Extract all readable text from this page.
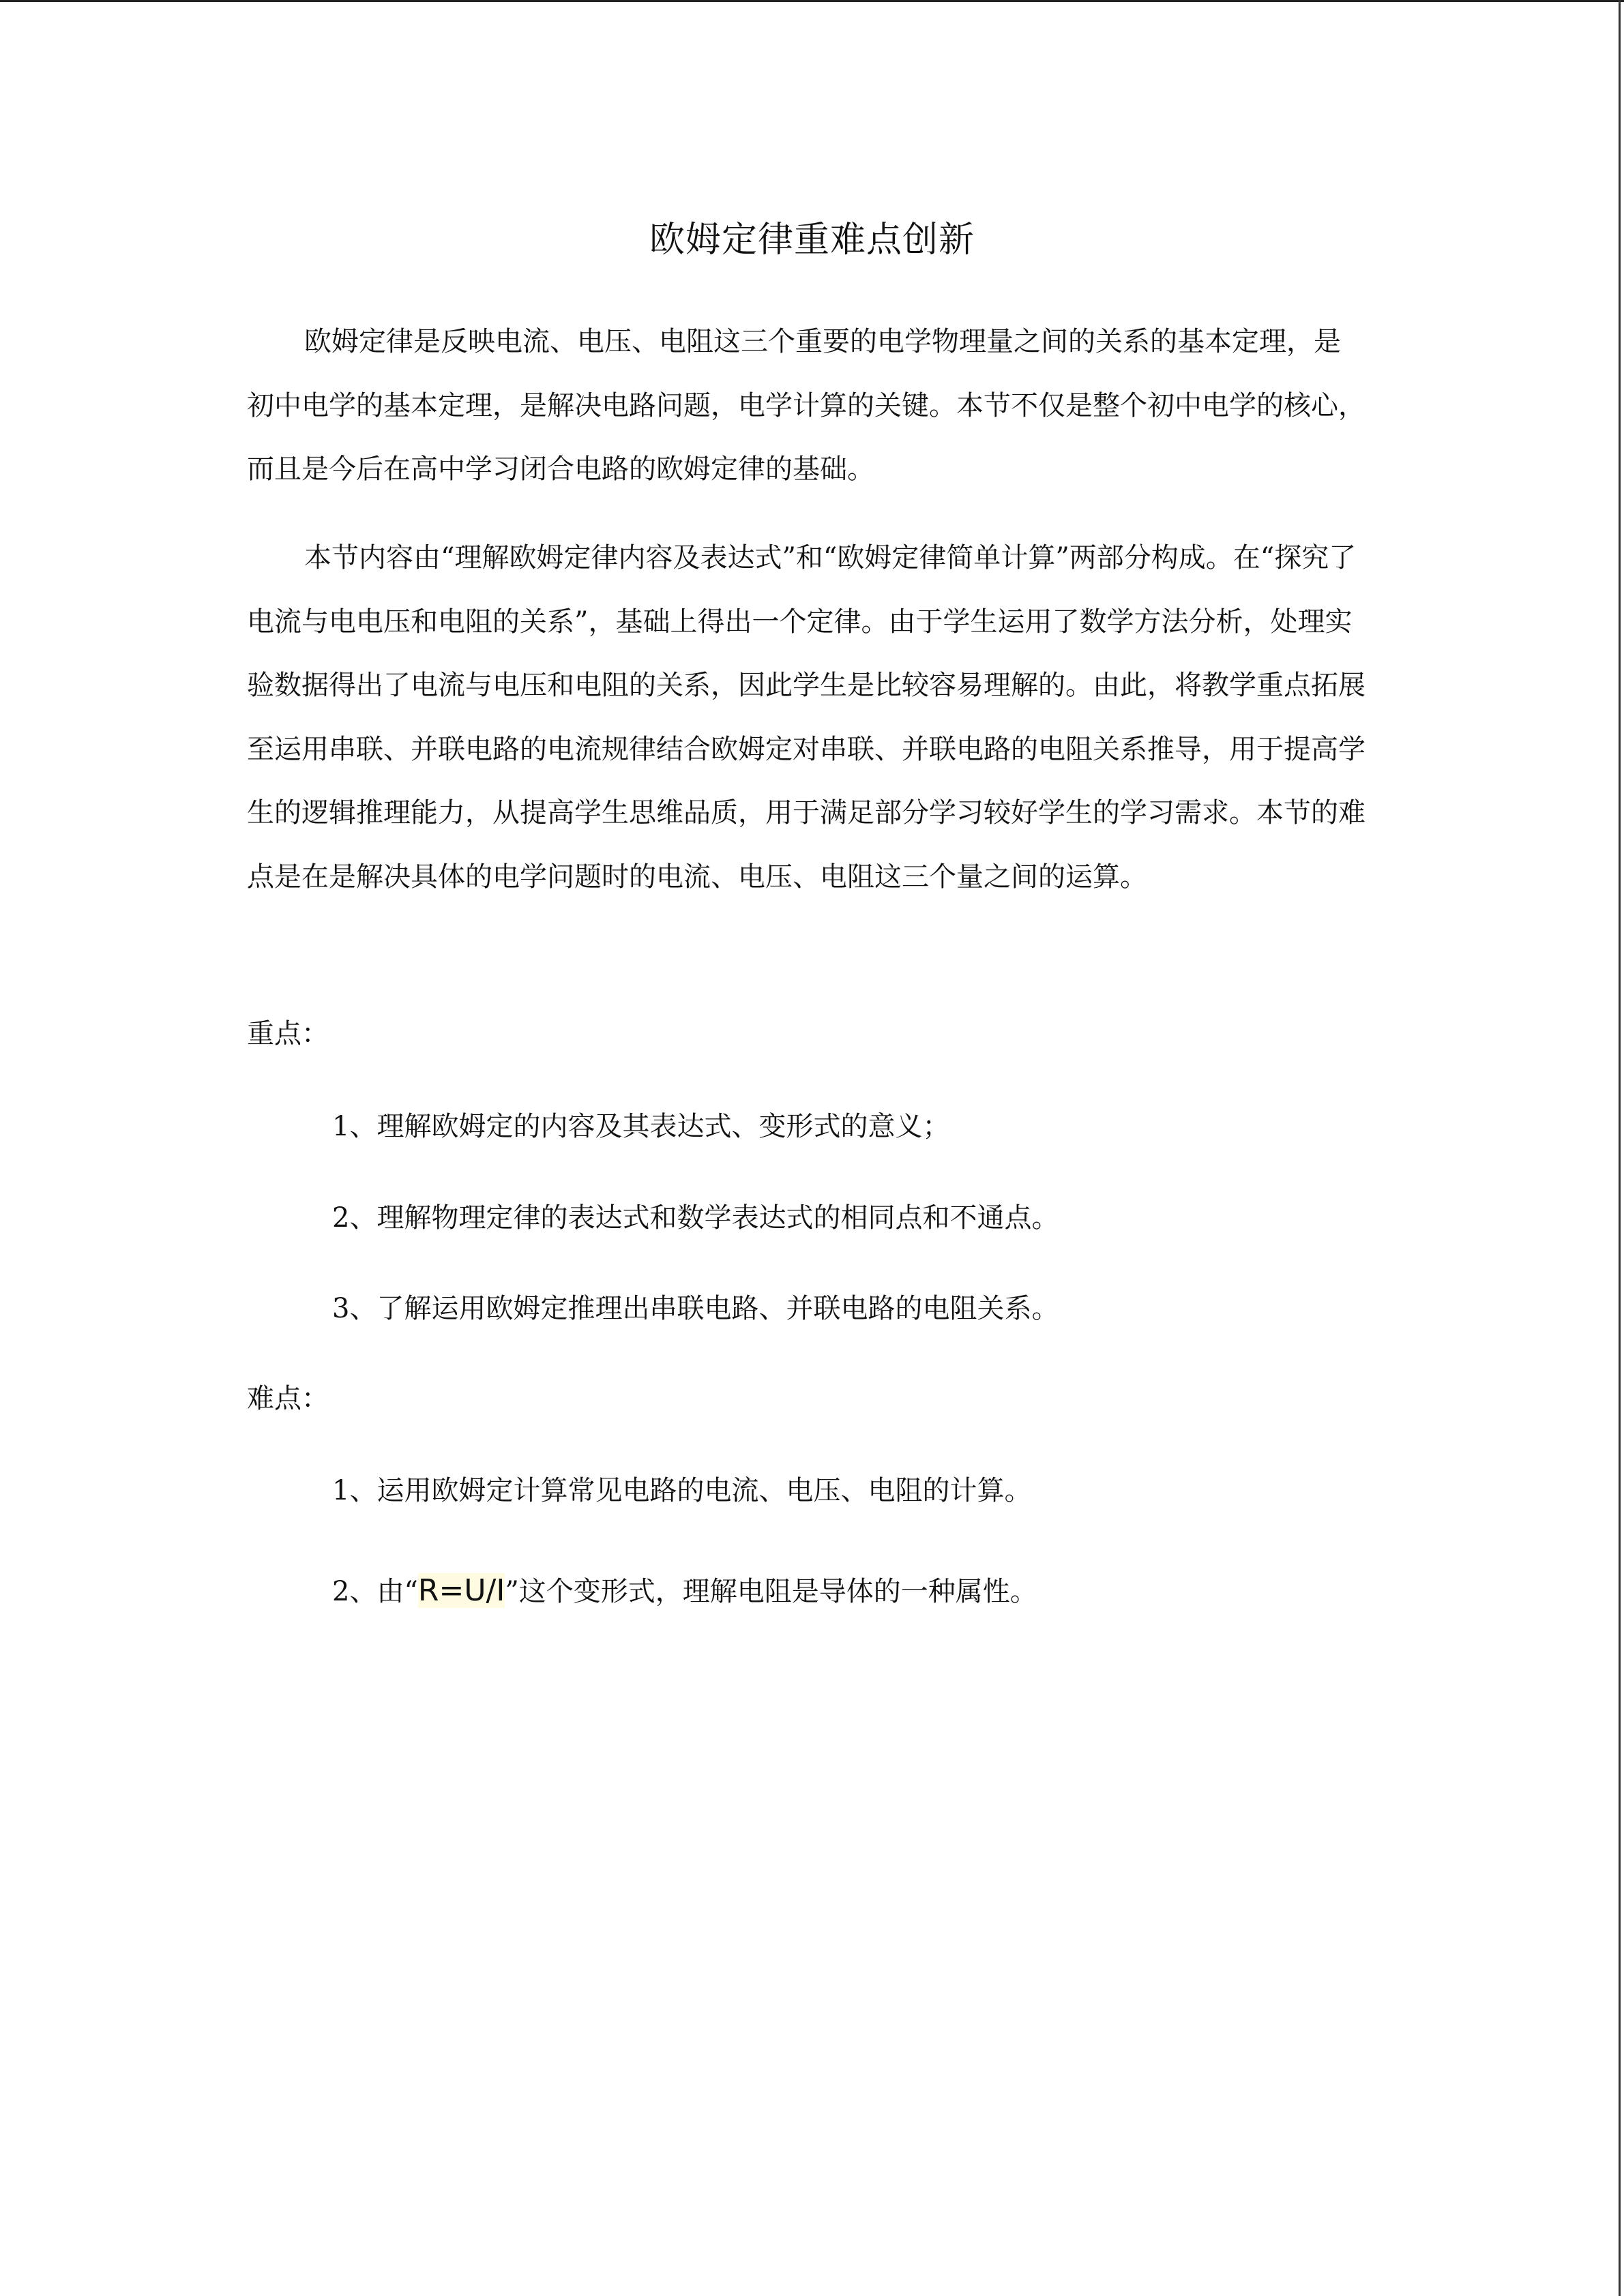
欧姆定律重难点创新

欧姆定律是反映电流、电压、电阻这三个重要的电学物理量之间的关系的基本定理，是初中电学的基本定理，是解决电路问题，电学计算的关键。本节不仅是整个初中电学的核心，而且是今后在高中学习闭合电路的欧姆定律的基础。

本节内容由“理解欧姆定律内容及表达式”和“欧姆定律简单计算”两部分构成。在“探究了电流与电电压和电阻的关系”，基础上得出一个定律。由于学生运用了数学方法分析，处理实验数据得出了电流与电压和电阻的关系，因此学生是比较容易理解的。由此，将教学重点拓展至运用串联、并联电路的电流规律结合欧姆定对串联、并联电路的电阻关系推导，用于提高学生的逻辑推理能力，从提高学生思维品质，用于满足部分学习较好学生的学习需求。本节的难点是在是解决具体的电学问题时的电流、电压、电阻这三个量之间的运算。

重点：

1、理解欧姆定的内容及其表达式、变形式的意义；

2、理解物理定律的表达式和数学表达式的相同点和不通点。

3、了解运用欧姆定推理出串联电路、并联电路的电阻关系。

难点：

1、运用欧姆定计算常见电路的电流、电压、电阻的计算。

2、由“R=U/I”这个变形式，理解电阻是导体的一种属性。
